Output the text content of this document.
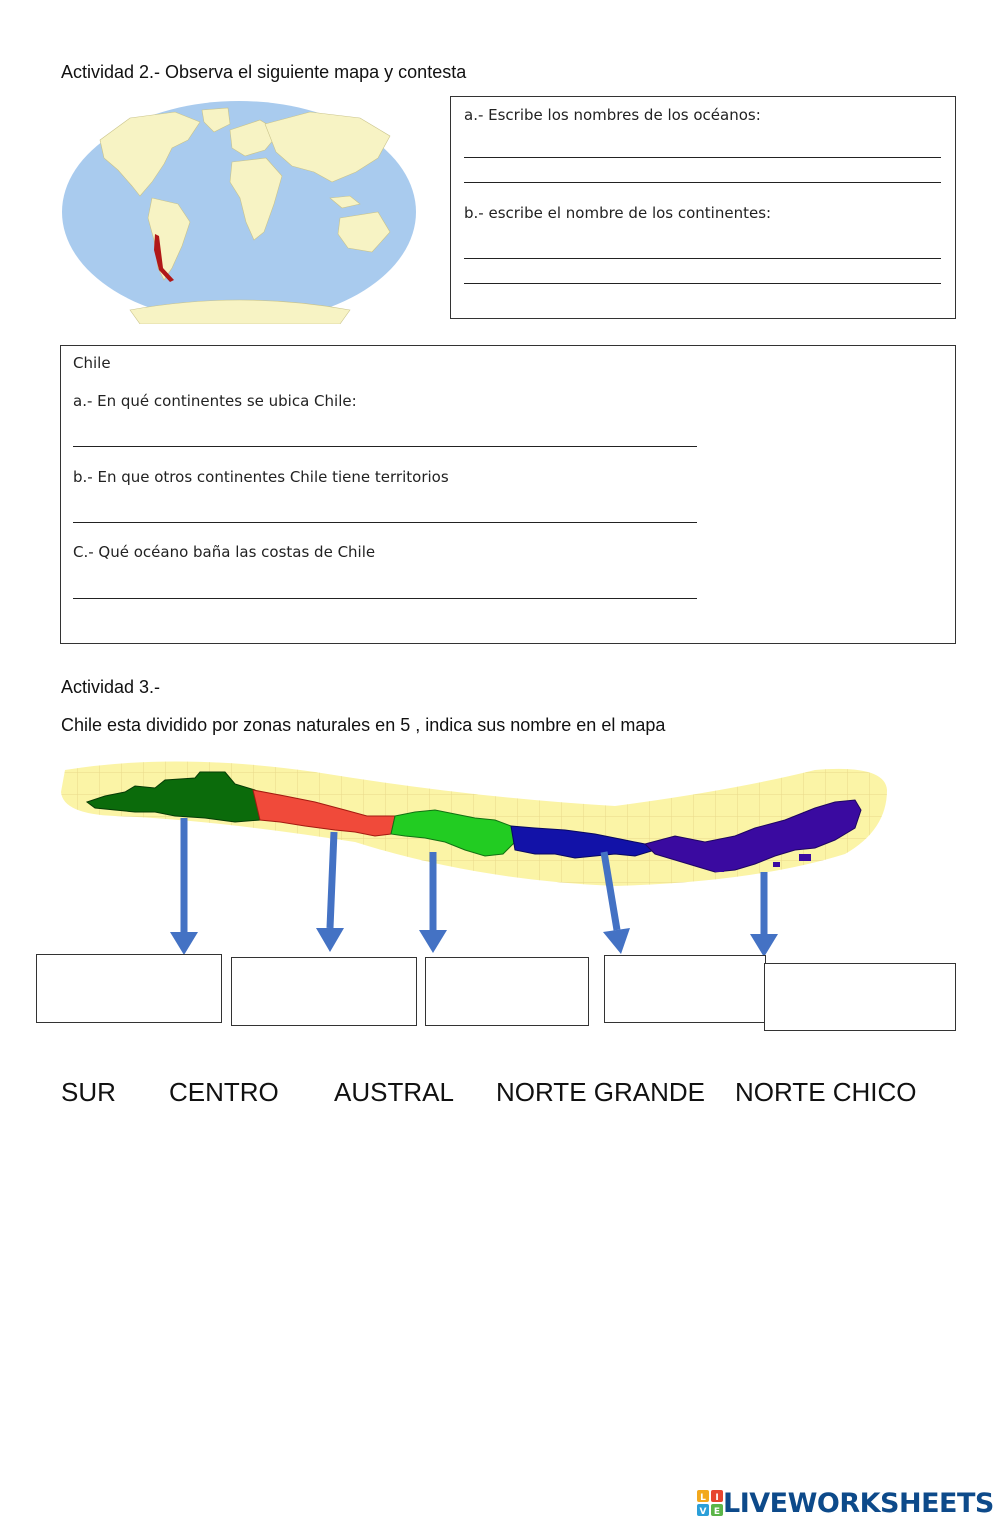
Actividad 2.- Observa el siguiente mapa y contesta
a.- Escribe los nombres de los océanos:
b.- escribe el nombre de los continentes:
Chile
a.- En qué continentes se ubica Chile:
b.- En que otros continentes Chile tiene territorios
C.- Qué océano baña las costas de Chile
Actividad 3.-
Chile esta dividido por zonas naturales en 5 , indica sus nombre en el mapa
SUR CENTRO AUSTRAL NORTE GRANDE NORTE CHICO
L I
V E LIVEWORKSHEETS
